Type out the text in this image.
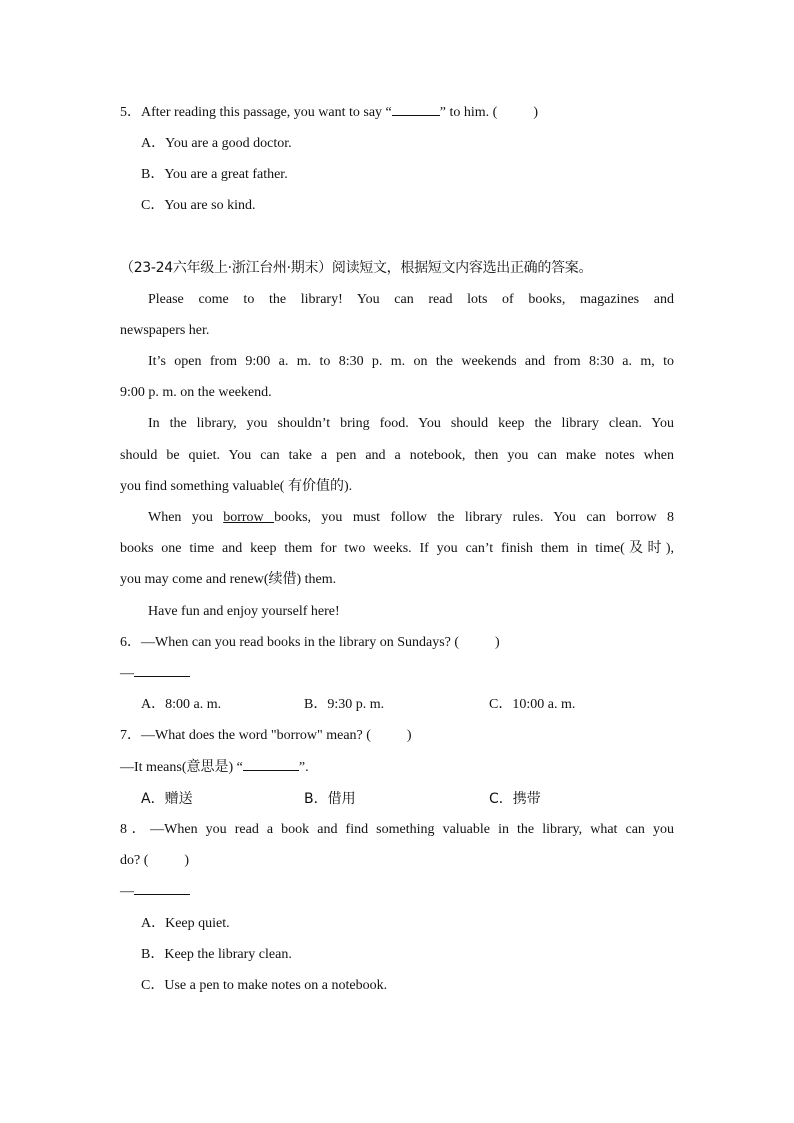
5．After reading this passage, you want to say “	” to him. (	)
A．You are a good doctor.
B．You are a great father.
C．You are so kind.
（23-24六年级上·浙江台州·期末）阅读短文，根据短文内容选出正确的答案。
Please come to the library! You can read lots of books, magazines and
newspapers her.
It’s open from 9:00 a. m. to 8:30 p. m. on the weekends and from 8:30 a. m, to
9:00 p. m. on the weekend.
In the library, you shouldn’t bring food. You should keep the library clean. You
should be quiet. You can take a pen and a notebook, then you can make notes when
you find something valuable( 有价值的).
When you borrow books, you must follow the library rules. You can borrow 8
books one time and keep them for two weeks. If you can’t finish them in time(及时),
you may come and renew(续借) them.
Have fun and enjoy yourself here!
6．—When can you read books in the library on Sundays? (	)
—
A．8:00 a. m.	B．9:30 p. m.	C．10:00 a. m.
7．—What does the word "borrow" mean? (	)
—It means(意思是) “	”.
A．赠送	B．借用	C．携带
8．—When you read a book and find something valuable in the library, what can you
do? (	)
—
A．Keep quiet.
B．Keep the library clean.
C．Use a pen to make notes on a notebook.
